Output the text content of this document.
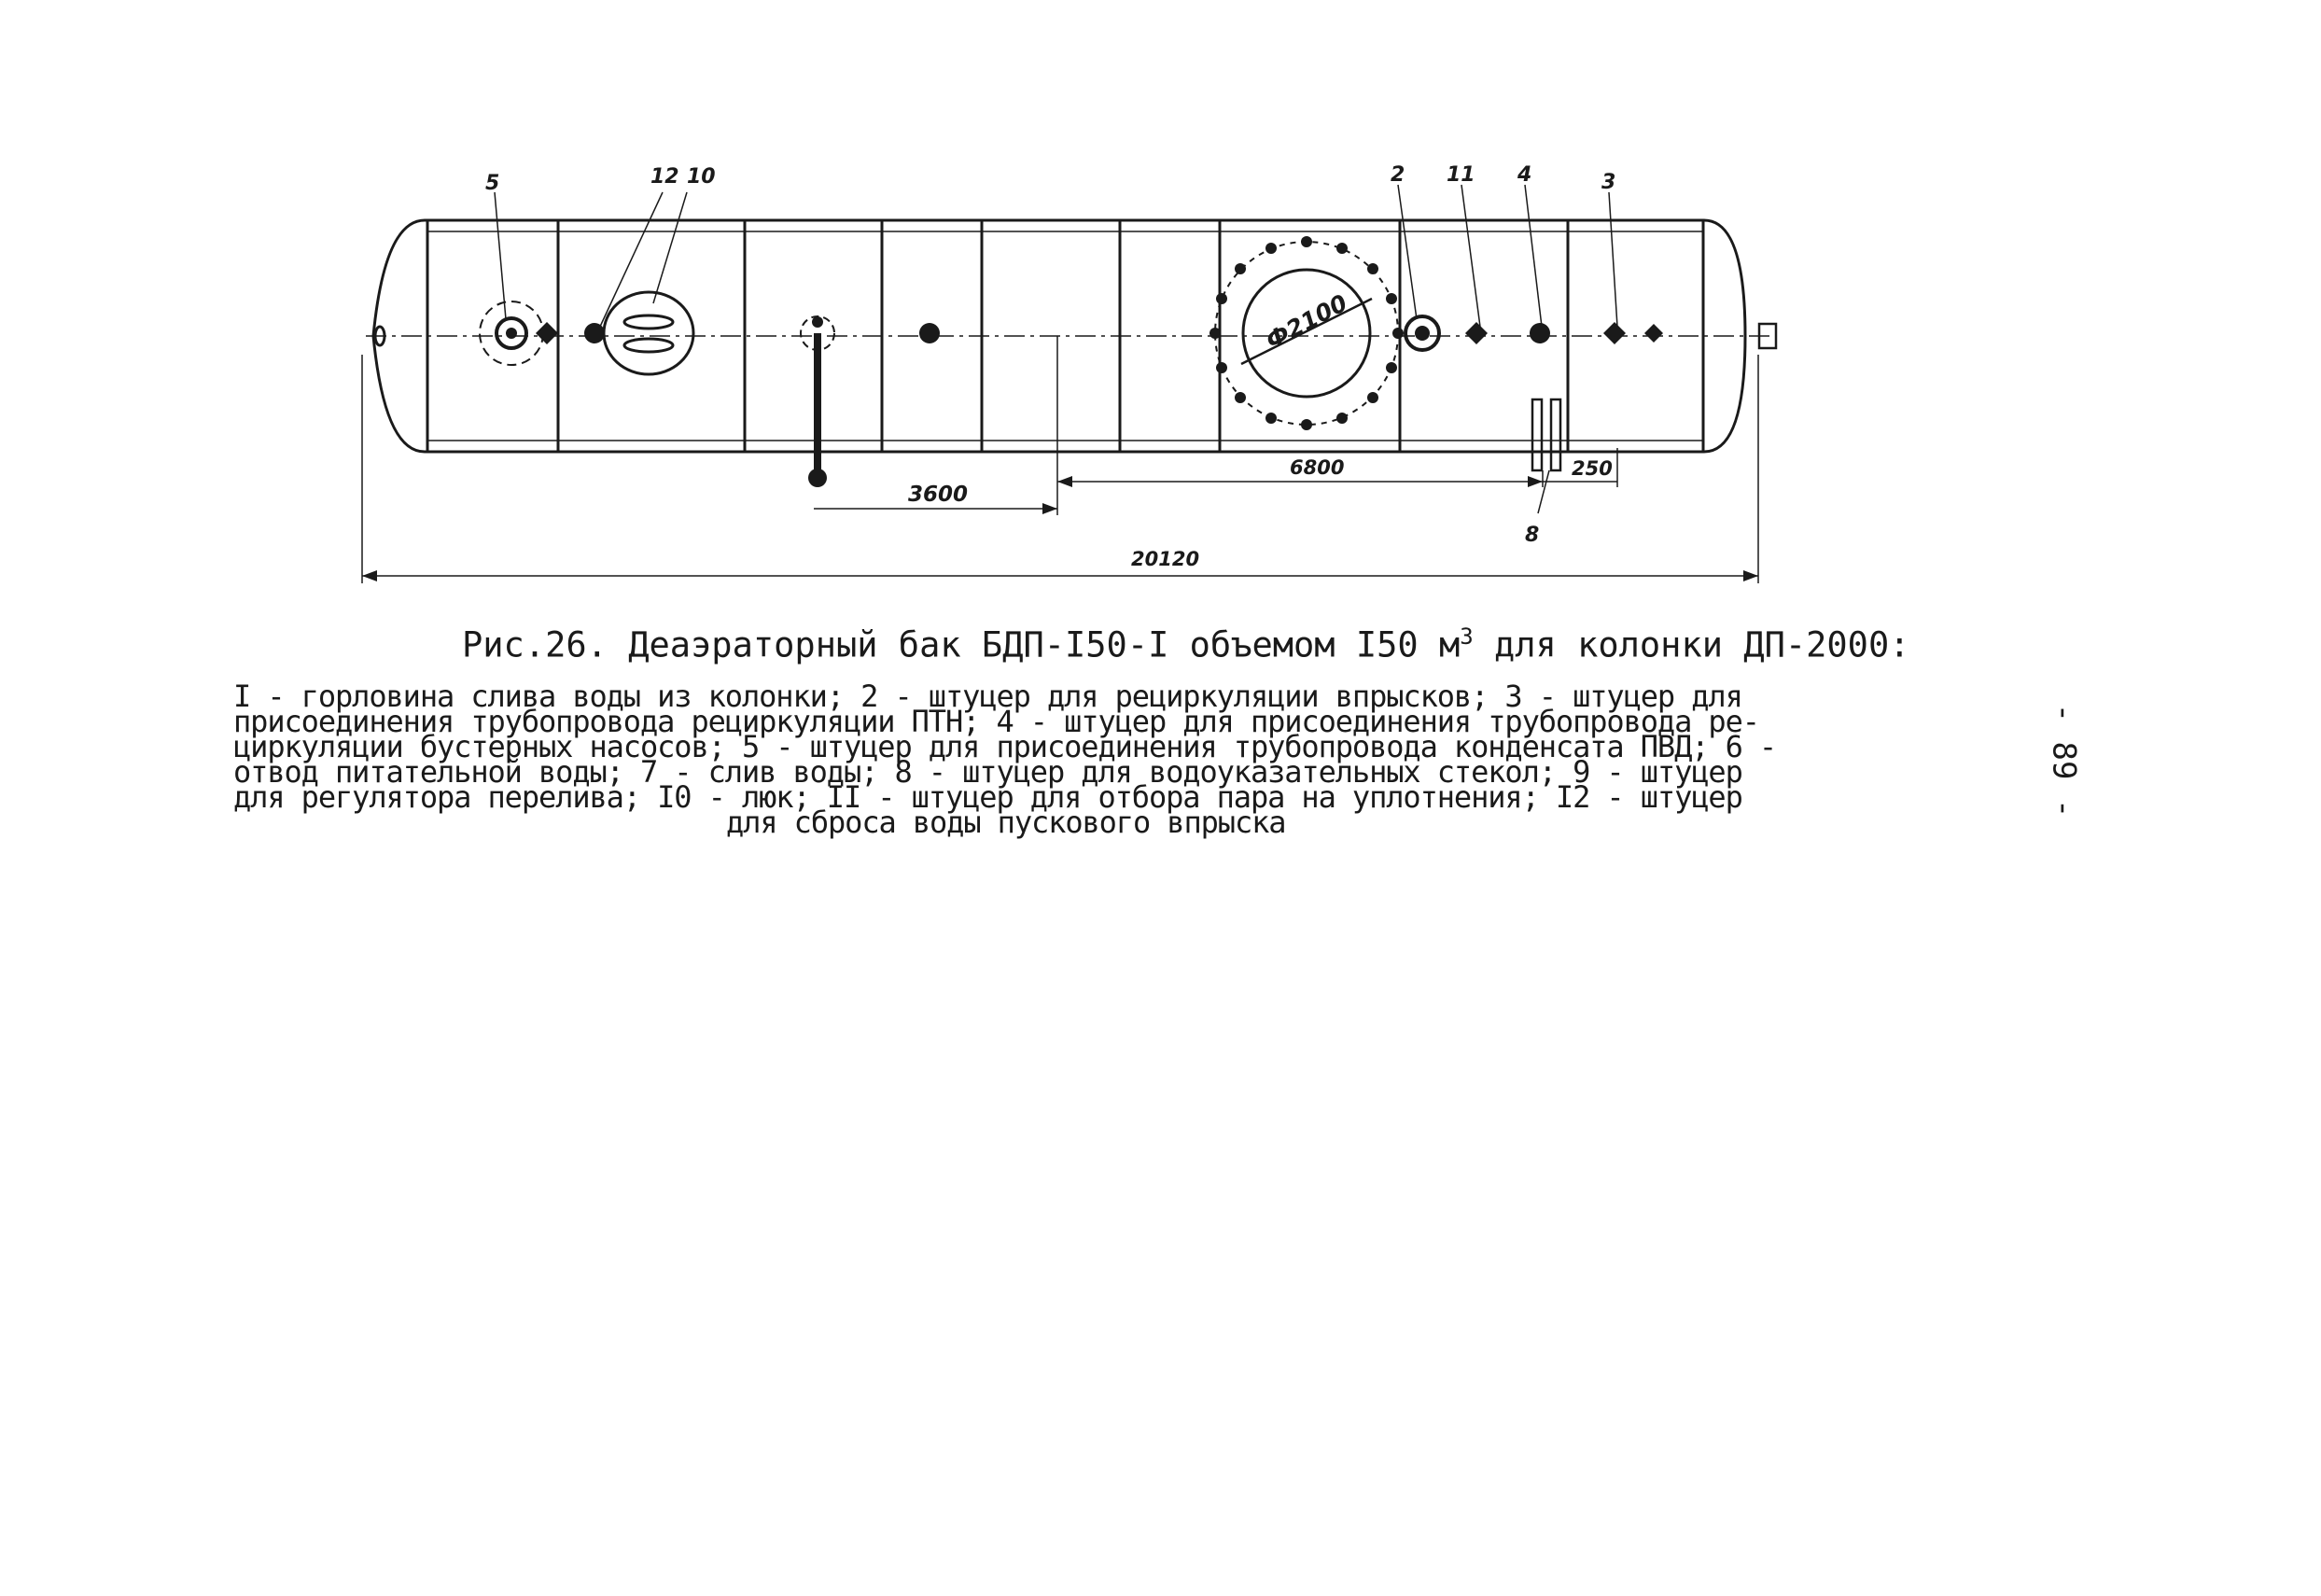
5	12 10	2 11 4	3
8
3600
6800	250
20120
Ф2100
Рис.26. Деаэраторный бак БДП-I50-I объемом I50 $м^3$ для колонки ДП-2000:
I - горловина слива воды из колонки; 2 - штуцер для рециркуляции впрысков; 3 - штуцер для
присоединения трубопровода рециркуляции ПТН; 4 - штуцер для присоединения трубопровода ре-
циркуляции бустерных насосов; 5 - штуцер для присоединения трубопровода конденсата ПВД; 6 -
отвод питательной воды; 7 - слив воды; 8 - штуцер для водоуказательных стекол; 9 - штуцер
для регулятора перелива; I0 - люк; II - штуцер для отбора пара на уплотнения; I2 - штуцер
для сброса воды пускового впрыска
- 89 -
